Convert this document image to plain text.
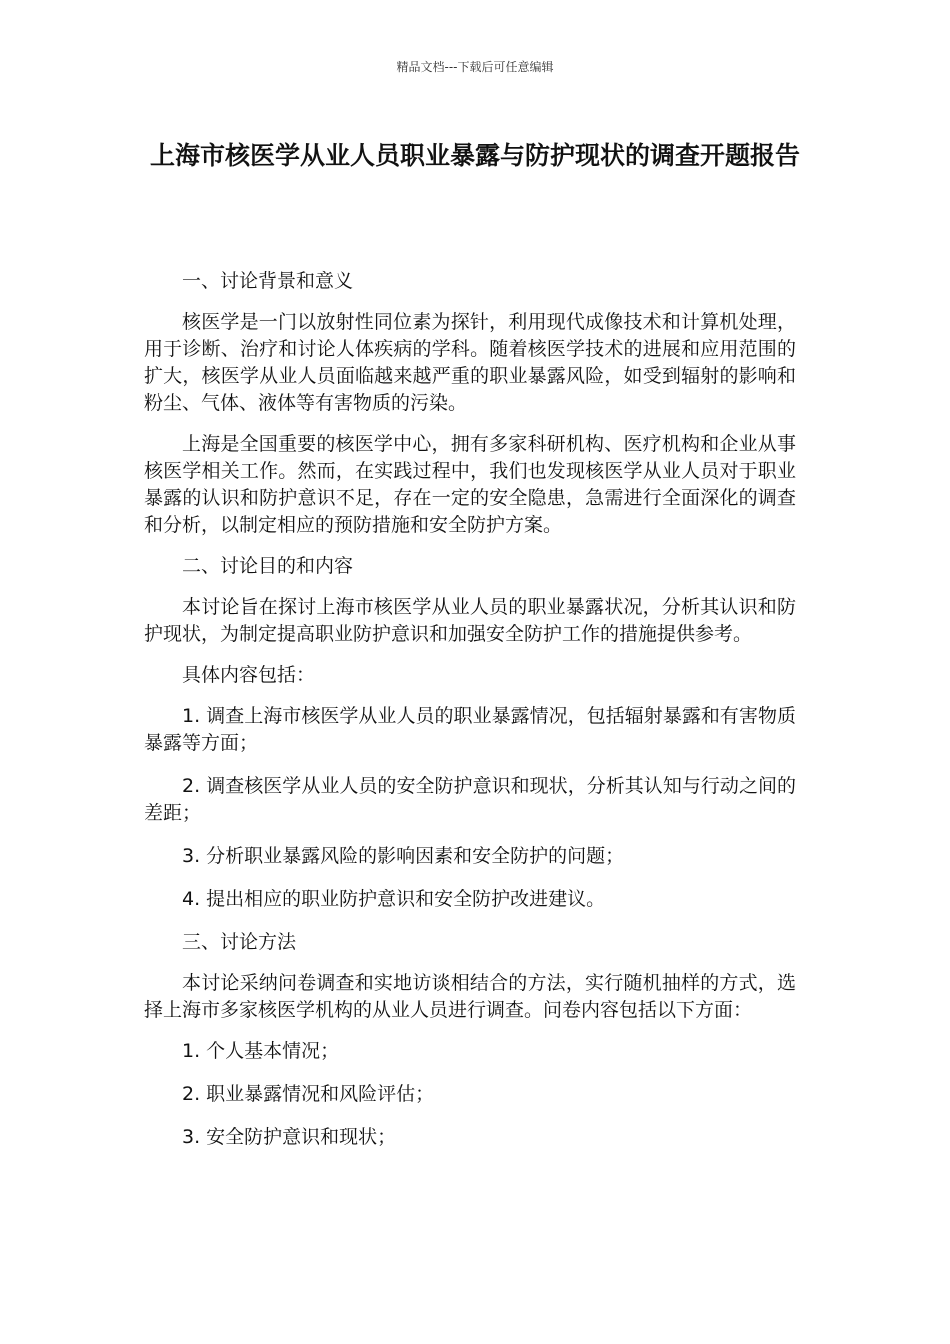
精品文档---下载后可任意编辑
上海市核医学从业人员职业暴露与防护现状的调查开题报告

一、讨论背景和意义

核医学是一门以放射性同位素为探针，利用现代成像技术和计算机处理，用于诊断、治疗和讨论人体疾病的学科。随着核医学技术的进展和应用范围的扩大，核医学从业人员面临越来越严重的职业暴露风险，如受到辐射的影响和粉尘、气体、液体等有害物质的污染。

上海是全国重要的核医学中心，拥有多家科研机构、医疗机构和企业从事核医学相关工作。然而，在实践过程中，我们也发现核医学从业人员对于职业暴露的认识和防护意识不足，存在一定的安全隐患，急需进行全面深化的调查和分析，以制定相应的预防措施和安全防护方案。

二、讨论目的和内容

本讨论旨在探讨上海市核医学从业人员的职业暴露状况，分析其认识和防护现状，为制定提高职业防护意识和加强安全防护工作的措施提供参考。

具体内容包括：

1. 调查上海市核医学从业人员的职业暴露情况，包括辐射暴露和有害物质暴露等方面；

2. 调查核医学从业人员的安全防护意识和现状，分析其认知与行动之间的差距；

3. 分析职业暴露风险的影响因素和安全防护的问题；

4. 提出相应的职业防护意识和安全防护改进建议。

三、讨论方法

本讨论采纳问卷调查和实地访谈相结合的方法，实行随机抽样的方式，选择上海市多家核医学机构的从业人员进行调查。问卷内容包括以下方面：

1. 个人基本情况；

2. 职业暴露情况和风险评估；

3. 安全防护意识和现状；
